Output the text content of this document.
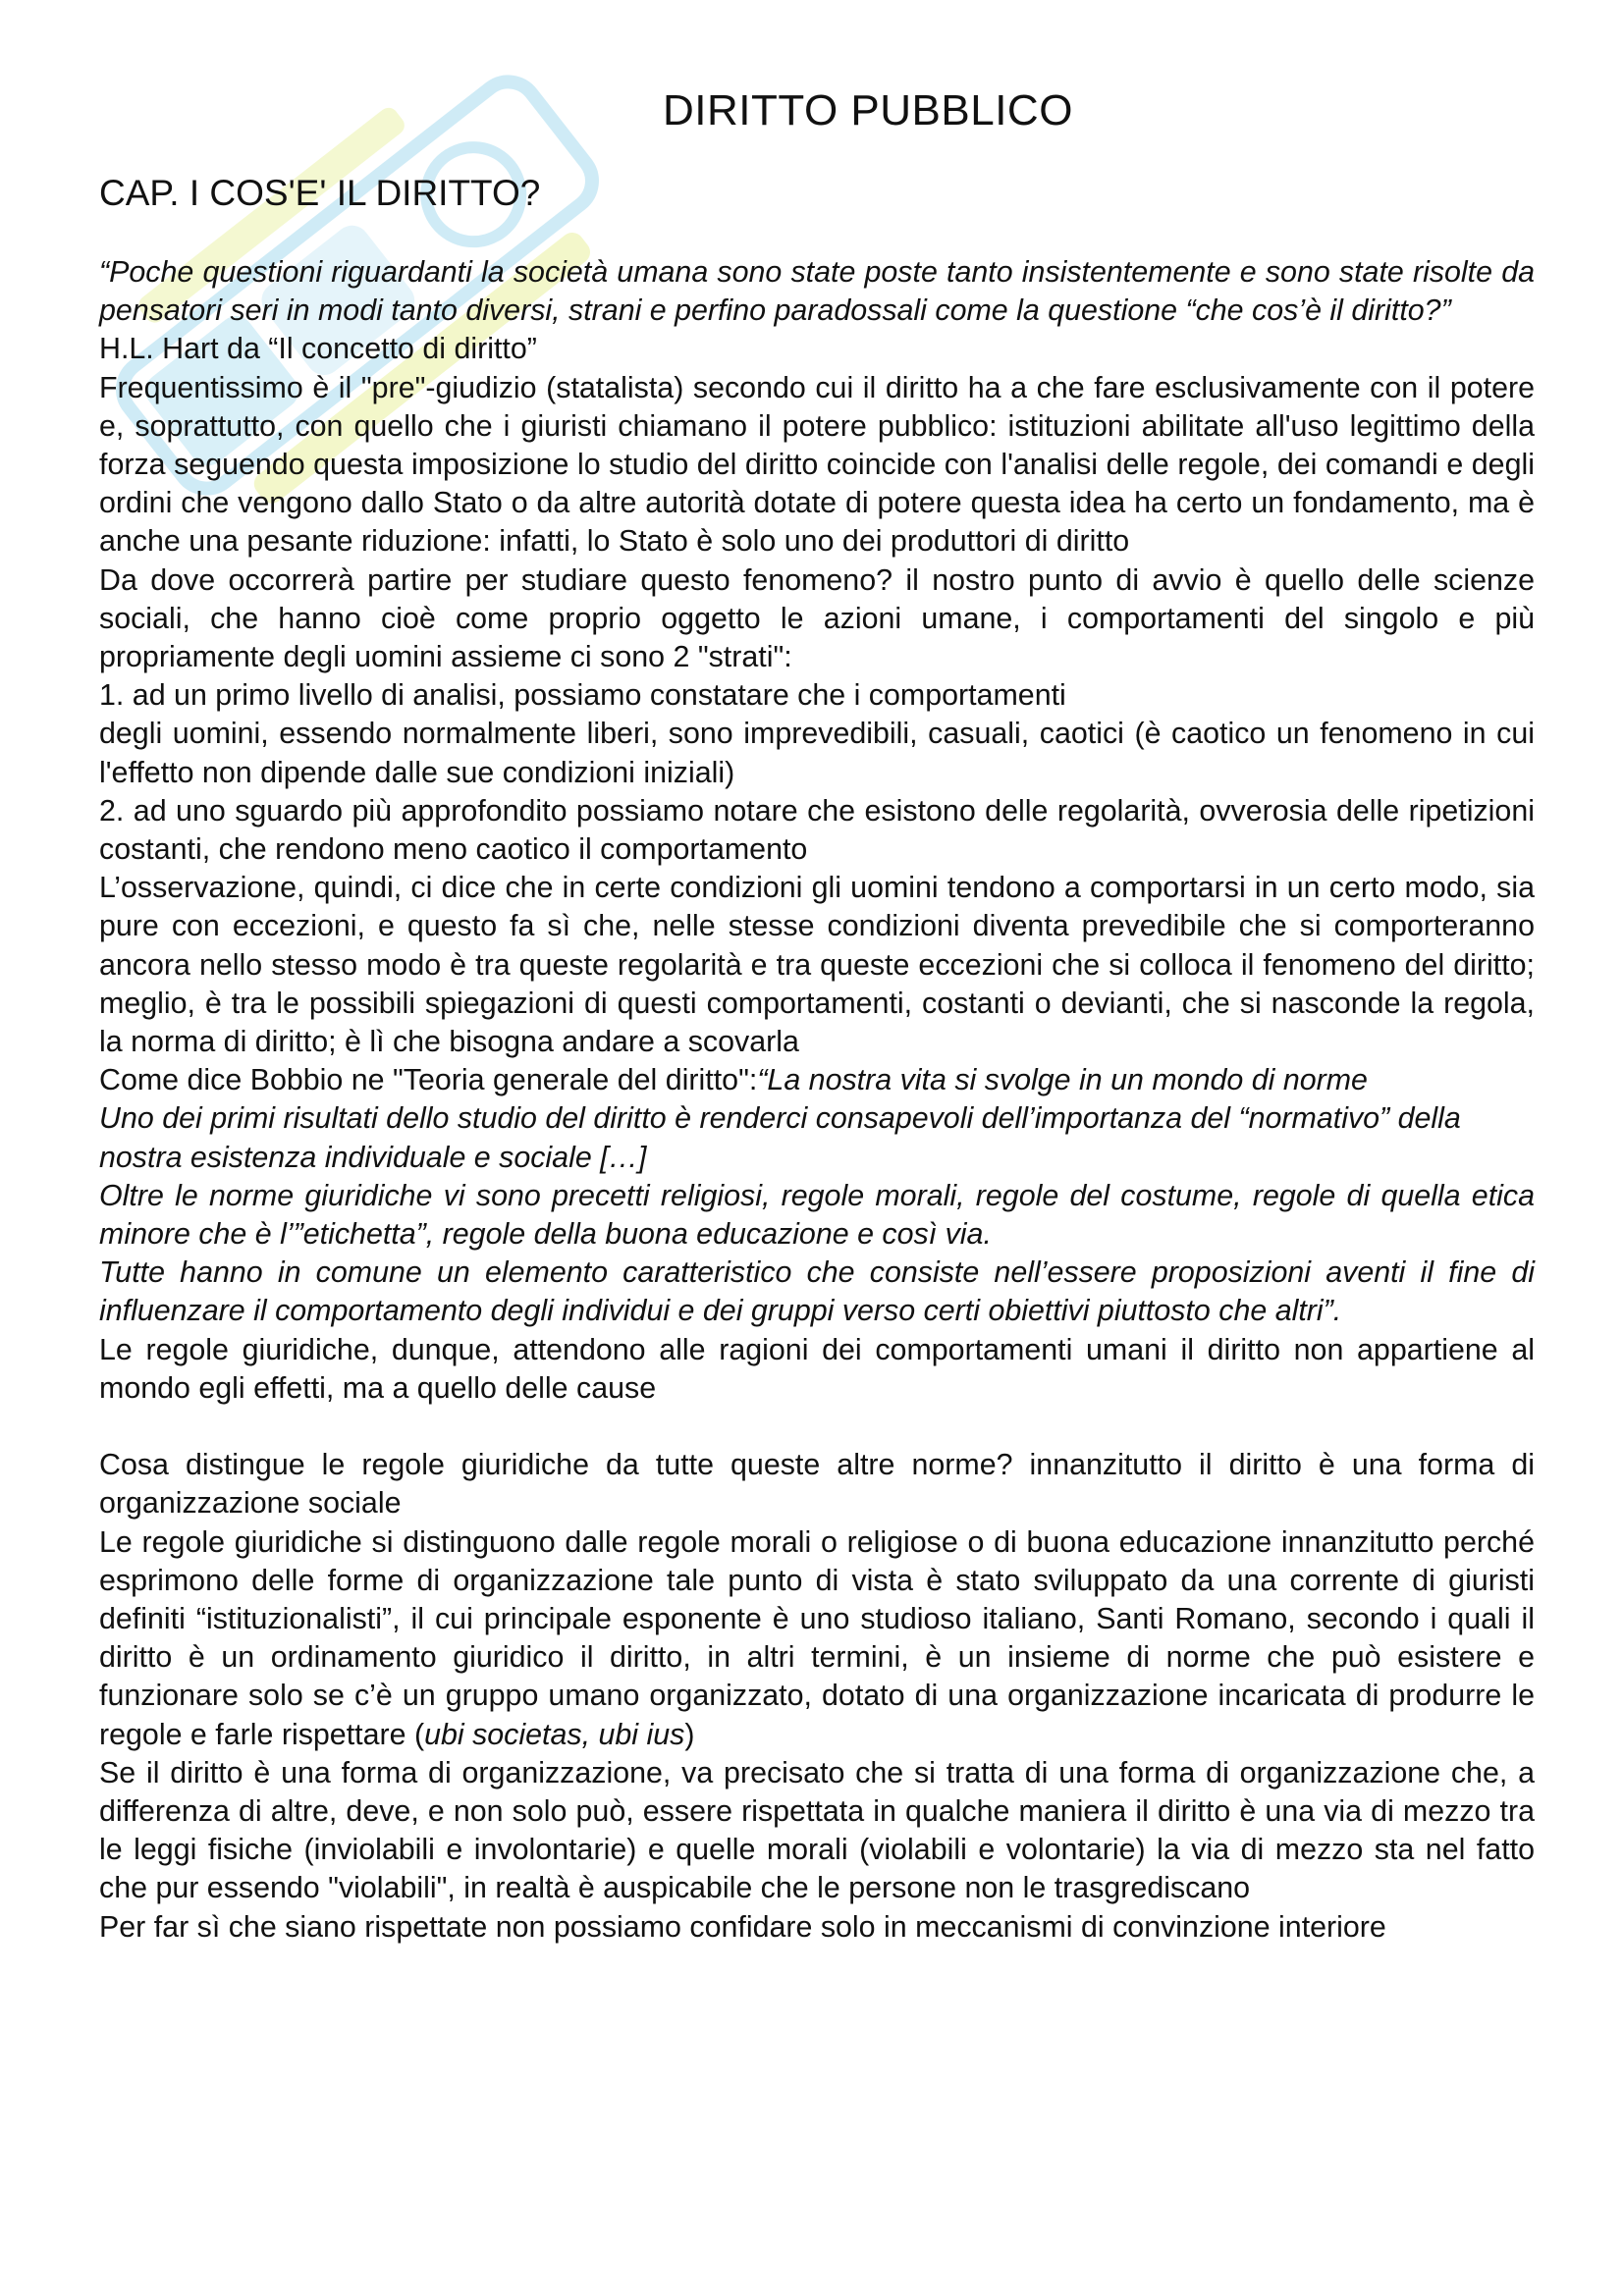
DIRITTO PUBBLICO
CAP. I COS'E' IL DIRITTO?

“Poche questioni riguardanti la società umana sono state poste tanto insistentemente e sono state risolte da pensatori seri in modi tanto diversi, strani e perfino paradossali come la questione “che cos’è il diritto?”

H.L. Hart da “Il concetto di diritto”

Frequentissimo è il "pre"-giudizio (statalista) secondo cui il diritto ha a che fare esclusivamente con il potere e, soprattutto, con quello che i giuristi chiamano il potere pubblico: istituzioni abilitate all'uso legittimo della forza seguendo questa imposizione lo studio del diritto coincide con l'analisi delle regole, dei comandi e degli ordini che vengono dallo Stato o da altre autorità dotate di potere questa idea ha certo un fondamento, ma è anche una pesante riduzione: infatti, lo Stato è solo uno dei produttori di diritto

Da dove occorrerà partire per studiare questo fenomeno? il nostro punto di avvio è quello delle scienze sociali, che hanno cioè come proprio oggetto le azioni umane, i comportamenti del singolo e più propriamente degli uomini assieme ci sono 2 "strati":

1. ad un primo livello di analisi, possiamo constatare che i comportamenti

degli uomini, essendo normalmente liberi, sono imprevedibili, casuali, caotici (è caotico un fenomeno in cui l'effetto non dipende dalle sue condizioni iniziali)

2. ad uno sguardo più approfondito possiamo notare che esistono delle regolarità, ovverosia delle ripetizioni costanti, che rendono meno caotico il comportamento

L’osservazione, quindi, ci dice che in certe condizioni gli uomini tendono a comportarsi in un certo modo, sia pure con eccezioni, e questo fa sì che, nelle stesse condizioni diventa prevedibile che si comporteranno ancora nello stesso modo è tra queste regolarità e tra queste eccezioni che si colloca il fenomeno del diritto; meglio, è tra le possibili spiegazioni di questi comportamenti, costanti o devianti, che si nasconde la regola, la norma di diritto; è lì che bisogna andare a scovarla

Come dice Bobbio ne "Teoria generale del diritto":“La nostra vita si svolge in un mondo di norme

Uno dei primi risultati dello studio del diritto è renderci consapevoli dell’importanza del “normativo” della nostra esistenza individuale e sociale […]

Oltre le norme giuridiche vi sono precetti religiosi, regole morali, regole del costume, regole di quella etica minore che è l’”etichetta”, regole della buona educazione e così via.

Tutte hanno in comune un elemento caratteristico che consiste nell’essere proposizioni aventi il fine di influenzare il comportamento degli individui e dei gruppi verso certi obiettivi piuttosto che altri”.

Le regole giuridiche, dunque, attendono alle ragioni dei comportamenti umani il diritto non appartiene al mondo egli effetti, ma a quello delle cause

Cosa distingue le regole giuridiche da tutte queste altre norme? innanzitutto il diritto è una forma di organizzazione sociale

Le regole giuridiche si distinguono dalle regole morali o religiose o di buona educazione innanzitutto perché esprimono delle forme di organizzazione tale punto di vista è stato sviluppato da una corrente di giuristi definiti “istituzionalisti”, il cui principale esponente è uno studioso italiano, Santi Romano, secondo i quali il diritto è un ordinamento giuridico il diritto, in altri termini, è un insieme di norme che può esistere e funzionare solo se c’è un gruppo umano organizzato, dotato di una organizzazione incaricata di produrre le regole e farle rispettare (ubi societas, ubi ius)

Se il diritto è una forma di organizzazione, va precisato che si tratta di una forma di organizzazione che, a differenza di altre, deve, e non solo può, essere rispettata in qualche maniera il diritto è una via di mezzo tra le leggi fisiche (inviolabili e involontarie) e quelle morali (violabili e volontarie) la via di mezzo sta nel fatto che pur essendo "violabili", in realtà è auspicabile che le persone non le trasgrediscano

Per far sì che siano rispettate non possiamo confidare solo in meccanismi di convinzione interiore
